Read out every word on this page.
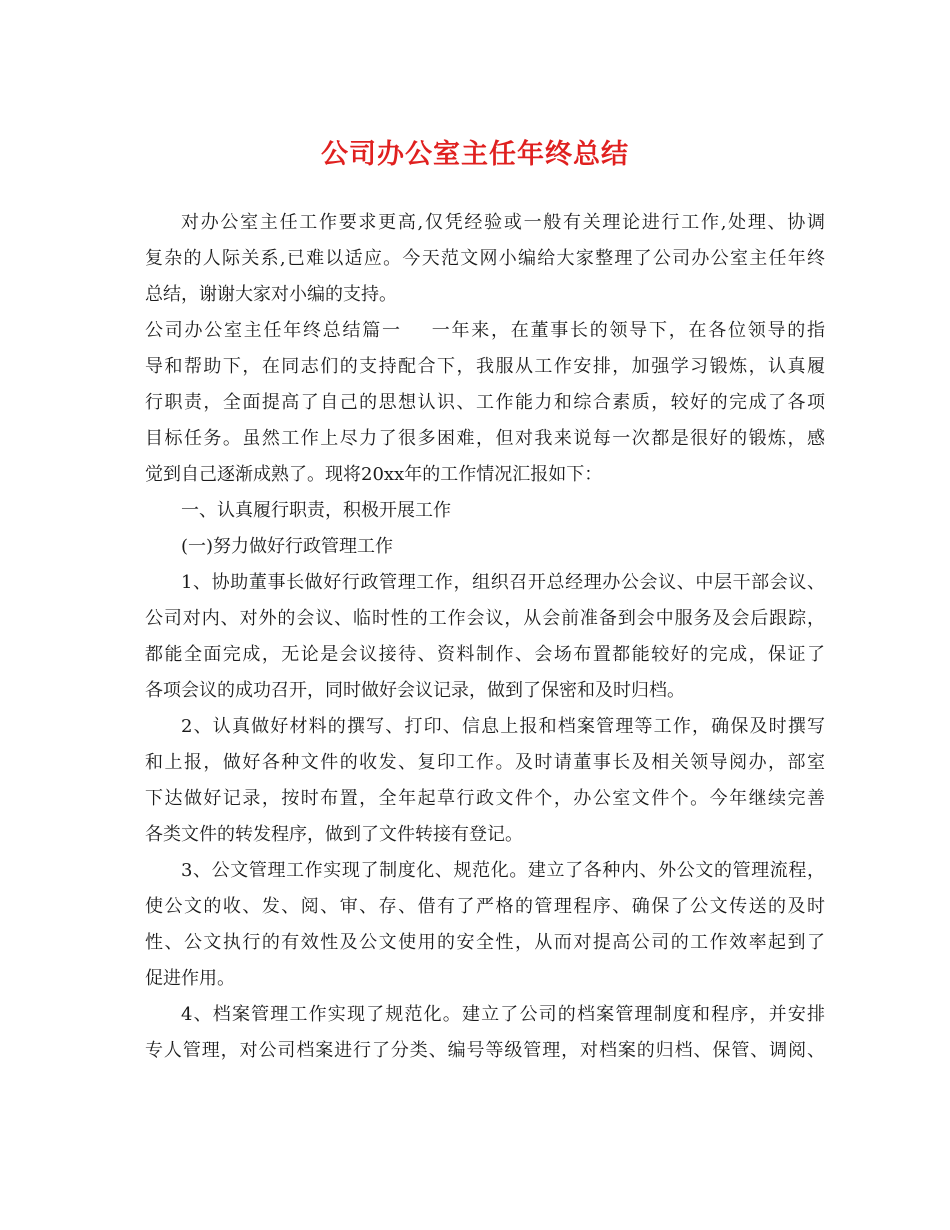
公司办公室主任年终总结
对办公室主任工作要求更高,仅凭经验或一般有关理论进行工作,处理、协调
复杂的人际关系,已难以适应。今天范文网小编给大家整理了公司办公室主任年终
总结，谢谢大家对小编的支持。
公司办公室主任年终总结篇一 一年来，在董事长的领导下，在各位领导的指
导和帮助下，在同志们的支持配合下，我服从工作安排，加强学习锻炼，认真履
行职责，全面提高了自己的思想认识、工作能力和综合素质，较好的完成了各项
目标任务。虽然工作上尽力了很多困难，但对我来说每一次都是很好的锻炼，感
觉到自己逐渐成熟了。现将20xx年的工作情况汇报如下：
一、认真履行职责，积极开展工作
(一)努力做好行政管理工作
1、协助董事长做好行政管理工作，组织召开总经理办公会议、中层干部会议、
公司对内、对外的会议、临时性的工作会议，从会前准备到会中服务及会后跟踪，
都能全面完成，无论是会议接待、资料制作、会场布置都能较好的完成，保证了
各项会议的成功召开，同时做好会议记录，做到了保密和及时归档。
2、认真做好材料的撰写、打印、信息上报和档案管理等工作，确保及时撰写
和上报，做好各种文件的收发、复印工作。及时请董事长及相关领导阅办，部室
下达做好记录，按时布置，全年起草行政文件个，办公室文件个。今年继续完善
各类文件的转发程序，做到了文件转接有登记。
3、公文管理工作实现了制度化、规范化。建立了各种内、外公文的管理流程，
使公文的收、发、阅、审、存、借有了严格的管理程序、确保了公文传送的及时
性、公文执行的有效性及公文使用的安全性，从而对提高公司的工作效率起到了
促进作用。
4、档案管理工作实现了规范化。建立了公司的档案管理制度和程序，并安排
专人管理，对公司档案进行了分类、编号等级管理，对档案的归档、保管、调阅、
